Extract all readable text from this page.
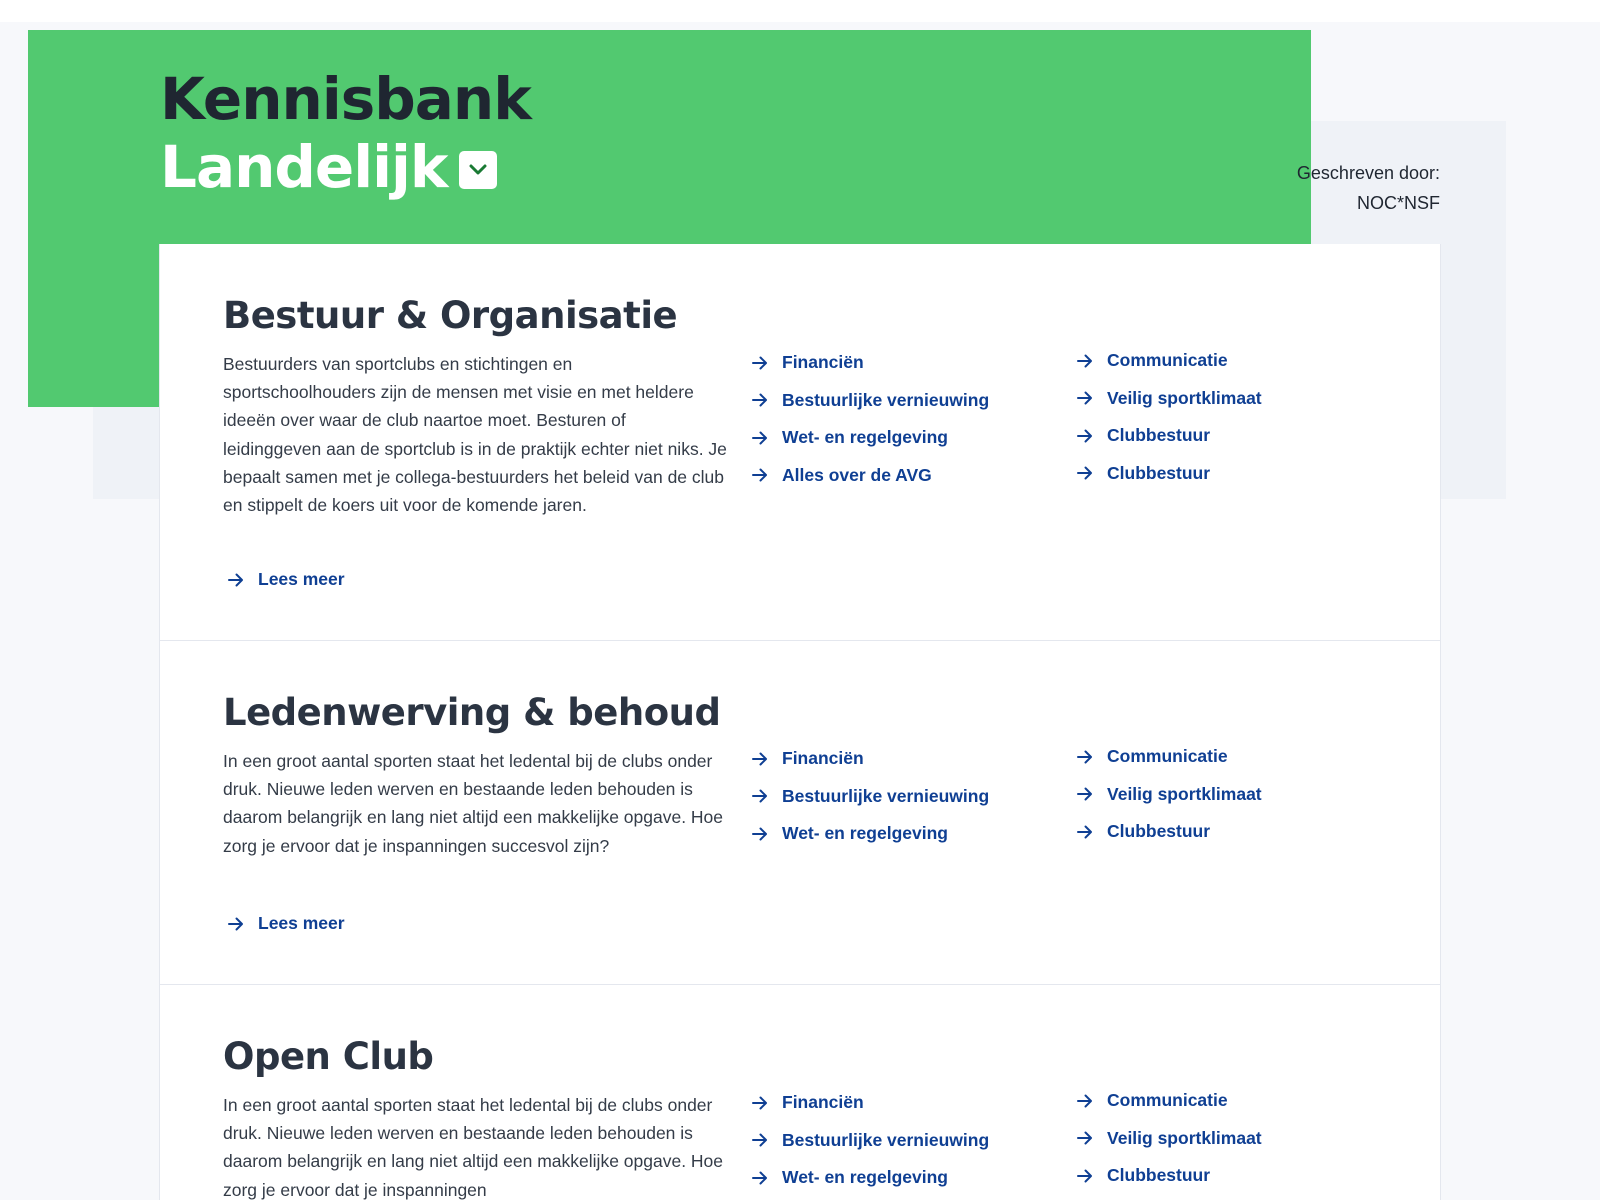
Kennisbank
Landelijk	Geschreven door:
NOC*NSF
Bestuur & Organisatie

Bestuurders van sportclubs en stichtingen en sportschoolhouders zijn de mensen met visie en met heldere ideeën over waar de club naartoe moet. Besturen of leidinggeven aan de sportclub is in de praktijk echter niet niks. Je bepaalt samen met je collega-bestuurders het beleid van de club en stippelt de koers uit voor de komende jaren.

Lees meer
Financiën
Bestuurlijke vernieuwing
Wet- en regelgeving
Alles over de AVG
Communicatie
Veilig sportklimaat
Clubbestuur
Clubbestuur
Ledenwerving & behoud

In een groot aantal sporten staat het ledental bij de clubs onder druk. Nieuwe leden werven en bestaande leden behouden is daarom belangrijk en lang niet altijd een makkelijke opgave. Hoe zorg je ervoor dat je inspanningen succesvol zijn?

Lees meer
Financiën
Bestuurlijke vernieuwing
Wet- en regelgeving
Communicatie
Veilig sportklimaat
Clubbestuur
Open Club

In een groot aantal sporten staat het ledental bij de clubs onder druk. Nieuwe leden werven en bestaande leden behouden is daarom belangrijk en lang niet altijd een makkelijke opgave. Hoe zorg je ervoor dat je inspanningen

Financiën
Bestuurlijke vernieuwing
Wet- en regelgeving
Communicatie
Veilig sportklimaat
Clubbestuur
